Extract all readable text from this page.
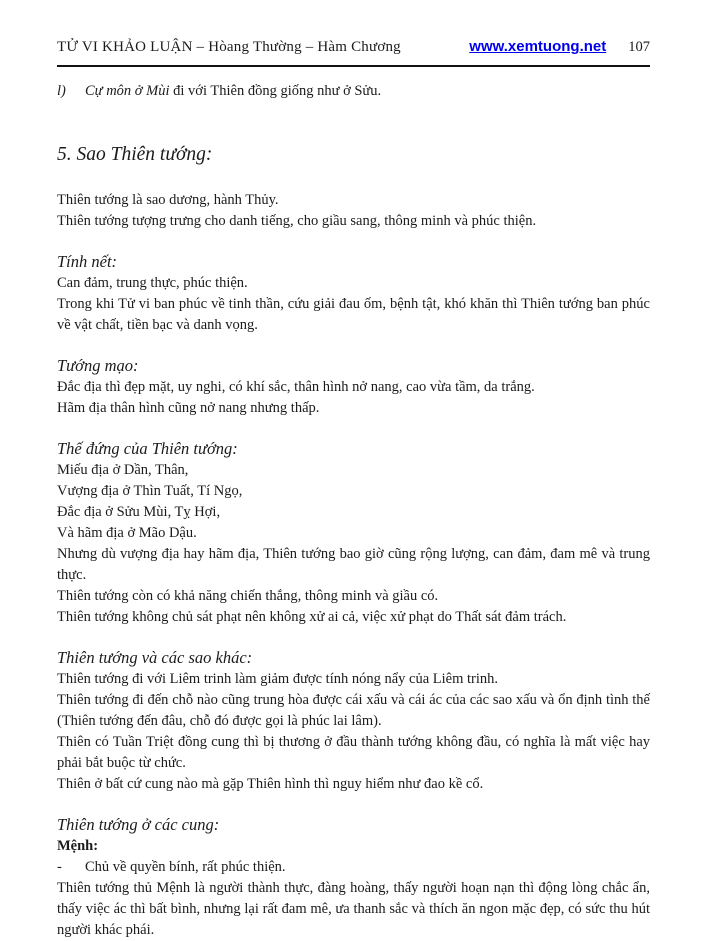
TỬ VI KHẢO LUẬN – Hòang Thường – Hàm Chương	www.xemtuong.net 107
l)	Cự môn ở Mùi đi với Thiên đồng giống như ở Sửu.
5. Sao Thiên tướng:
Thiên tướng là sao dương, hành Thủy.
Thiên tướng tượng trưng cho danh tiếng, cho giầu sang, thông minh và phúc thiện.
Tính nết:
Can đảm, trung thực, phúc thiện.
Trong khi Tử vi ban phúc về tinh thần, cứu giải đau ốm, bệnh tật, khó khăn thì Thiên tướng ban phúc về vật chất, tiền bạc và danh vọng.
Tướng mạo:
Đắc địa thì đẹp mặt, uy nghi, có khí sắc, thân hình nở nang, cao vừa tầm, da trắng.
Hãm địa thân hình cũng nở nang nhưng thấp.
Thế đứng của Thiên tướng:
Miếu địa ở Dần, Thân,
Vượng địa ở Thìn Tuất, Tí Ngọ,
Đắc địa ở Sửu Mùi, Tỵ Hợi,
Và hãm địa ở Mão Dậu.
Nhưng dù vượng địa hay hãm địa, Thiên tướng bao giờ cũng rộng lượng, can đảm, đam mê và trung thực.
Thiên tướng còn có khả năng chiến thắng, thông minh và giầu có.
Thiên tướng không chủ sát phạt nên không xử ai cả, việc xử phạt do Thất sát đảm trách.
Thiên tướng và các sao khác:
Thiên tướng đi với Liêm trinh làm giảm được tính nóng nẩy của Liêm trinh.
Thiên tướng đi đến chỗ nào cũng trung hòa được cái xấu và cái ác của các sao xấu và ổn định tình thế (Thiên tướng đến đâu, chỗ đó được gọi là phúc lai lâm).
Thiên có Tuần Triệt đồng cung thì bị thương ở đầu thành tướng không đầu, có nghĩa là mất việc hay phải bắt buộc từ chức.
Thiên ở bất cứ cung nào mà gặp Thiên hình thì nguy hiểm như đao kề cổ.
Thiên tướng ở các cung:
Mệnh:
-	Chủ về quyền bính, rất phúc thiện.
Thiên tướng thủ Mệnh là người thành thực, đàng hoàng, thấy người hoạn nạn thì động lòng chắc ẩn, thấy việc ác thì bất bình, nhưng lại rất đam mê, ưa thanh sắc và thích ăn ngon mặc đẹp, có sức thu hút người khác phái.
